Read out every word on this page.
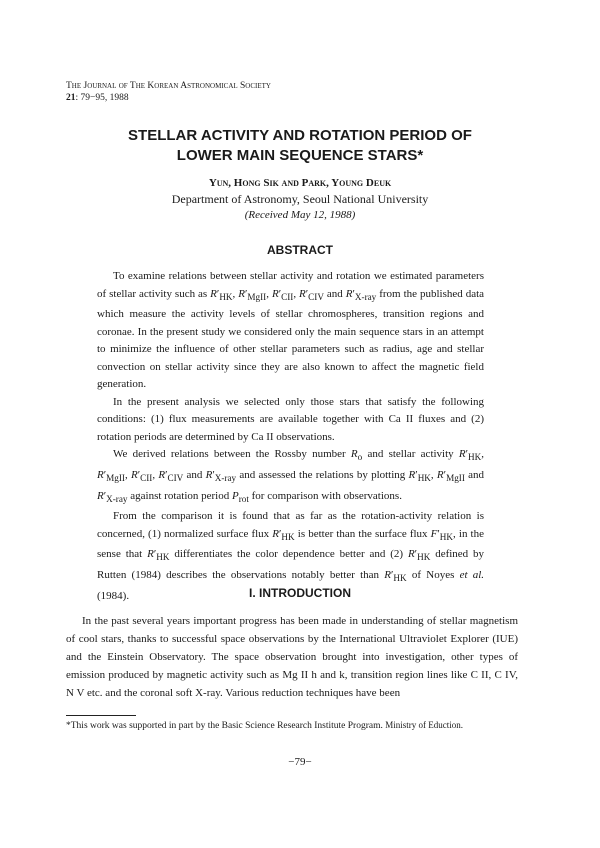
The Journal of The Korean Astronomical Society
21: 79−95, 1988
STELLAR ACTIVITY AND ROTATION PERIOD OF
LOWER MAIN SEQUENCE STARS*
Yun, Hong Sik and Park, Young Deuk
Department of Astronomy, Seoul National University
(Received May 12, 1988)
ABSTRACT

To examine relations between stellar activity and rotation we estimated parameters of stellar activity such as $R'_{HK}$, $R'_{MgII}$, $R'_{CII}$, $R'_{CIV}$ and $R'_{X-ray}$ from the published data which measure the activity levels of stellar chromospheres, transition regions and coronae. In the present study we considered only the main sequence stars in an attempt to minimize the influence of other stellar parameters such as radius, age and stellar convection on stellar activity since they are also known to affect the magnetic field generation.

In the present analysis we selected only those stars that satisfy the following conditions: (1) flux measurements are available together with Ca II fluxes and (2) rotation periods are determined by Ca II observations.

We derived relations between the Rossby number $R_o$ and stellar activity $R'_{HK}$, $R'_{MgII}$, $R'_{CII}$, $R'_{CIV}$ and $R'_{X-ray}$ and assessed the relations by plotting $R'_{HK}$, $R'_{MgII}$ and $R'_{X-ray}$ against rotation period $P_{rot}$ for comparison with observations.

From the comparison it is found that as far as the rotation-activity relation is concerned, (1) normalized surface flux $R'_{HK}$ is better than the surface flux $F'_{HK}$, in the sense that $R'_{HK}$ differentiates the color dependence better and (2) $R'_{HK}$ defined by Rutten (1984) describes the observations notably better than $R'_{HK}$ of Noyes et al. (1984).	I. INTRODUCTION

In the past several years important progress has been made in understanding of stellar magnetism of cool stars, thanks to successful space observations by the International Ultraviolet Explorer (IUE) and the Einstein Observatory. The space observation brought into investigation, other types of emission produced by magnetic activity such as Mg II h and k, transition region lines like C II, C IV, N V etc. and the coronal soft X-ray. Various reduction techniques have been

*This work was supported in part by the Basic Science Research Institute Program. Ministry of Eduction.
−79−
